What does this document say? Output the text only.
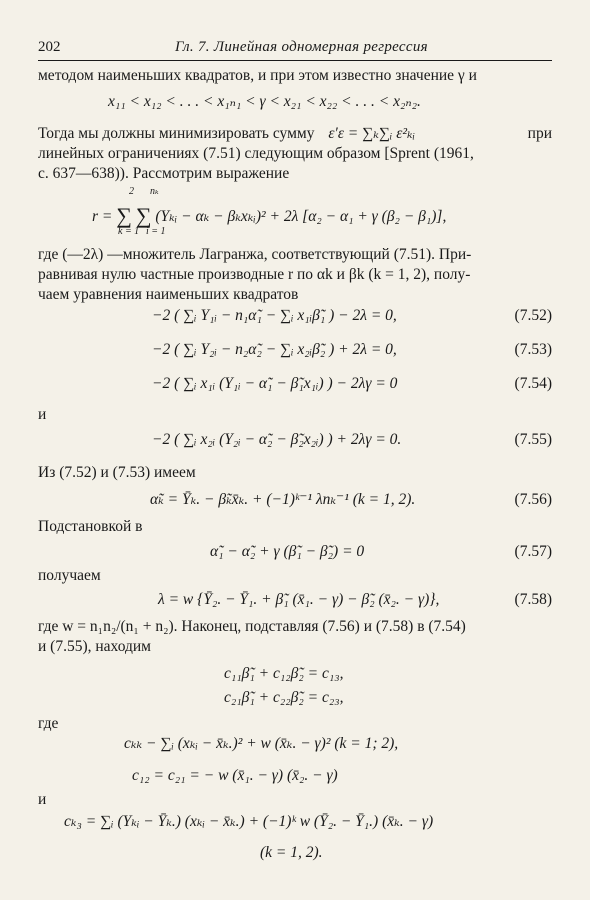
202	Гл. 7. Линейная одномерная регрессия
методом наименьших квадратов, и при этом известно значение γ и
x₁₁ < x₁₂ < . . . < x₁ₙ₁ < γ < x₂₁ < x₂₂ < . . . < x₂ₙ₂.
Тогда мы должны минимизировать сумму ε′ε = ∑ₖ∑ᵢ ε²ₖᵢ	при
линейных ограничениях (7.51) следующим образом [Sprent (1961,
с. 637—638)). Рассмотрим выражение
r = ∑ ∑ (Yₖᵢ − αₖ − βₖxₖᵢ)² + 2λ [α₂ − α₁ + γ (β₂ − β₁)],
2
k = 1
nₖ
i = 1
где (—2λ) —множитель Лагранжа, соответствующий (7.51). При-
равнивая нулю частные производные r по αk и βk (k = 1, 2), полу-
чаем уравнения наименьших квадратов
−2 ( ∑ᵢ Y₁ᵢ − n₁α̃₁ − ∑ᵢ x₁ᵢβ̃₁ ) − 2λ = 0,	(7.52)
−2 ( ∑ᵢ Y₂ᵢ − n₂α̃₂ − ∑ᵢ x₂ᵢβ̃₂ ) + 2λ = 0,	(7.53)
−2 ( ∑ᵢ x₁ᵢ (Y₁ᵢ − α̃₁ − β̃₁x₁ᵢ) ) − 2λγ = 0	(7.54)
и
−2 ( ∑ᵢ x₂ᵢ (Y₂ᵢ − α̃₂ − β̃₂x₂ᵢ) ) + 2λγ = 0.	(7.55)
Из (7.52) и (7.53) имеем
α̃ₖ = Ȳₖ. − β̃ₖx̄ₖ. + (−1)ᵏ⁻¹ λnₖ⁻¹ (k = 1, 2).	(7.56)
Подстановкой в
α̃₁ − α̃₂ + γ (β̃₁ − β̃₂) = 0	(7.57)
получаем
λ = w {Ȳ₂. − Ȳ₁. + β̃₁ (x̄₁. − γ) − β̃₂ (x̄₂. − γ)},	(7.58)
где w = n₁n₂/(n₁ + n₂). Наконец, подставляя (7.56) и (7.58) в (7.54)
и (7.55), находим
c₁₁β̃₁ + c₁₂β̃₂ = c₁₃,
c₂₁β̃₁ + c₂₂β̃₂ = c₂₃,
где
cₖₖ − ∑ᵢ (xₖᵢ − x̄ₖ.)² + w (x̄ₖ. − γ)² (k = 1; 2),
c₁₂ = c₂₁ = − w (x̄₁. − γ) (x̄₂. − γ)
и
cₖ₃ = ∑ᵢ (Yₖᵢ − Ȳₖ.) (xₖᵢ − x̄ₖ.) + (−1)ᵏ w (Ȳ₂. − Ȳ₁.) (x̄ₖ. − γ)
(k = 1, 2).
